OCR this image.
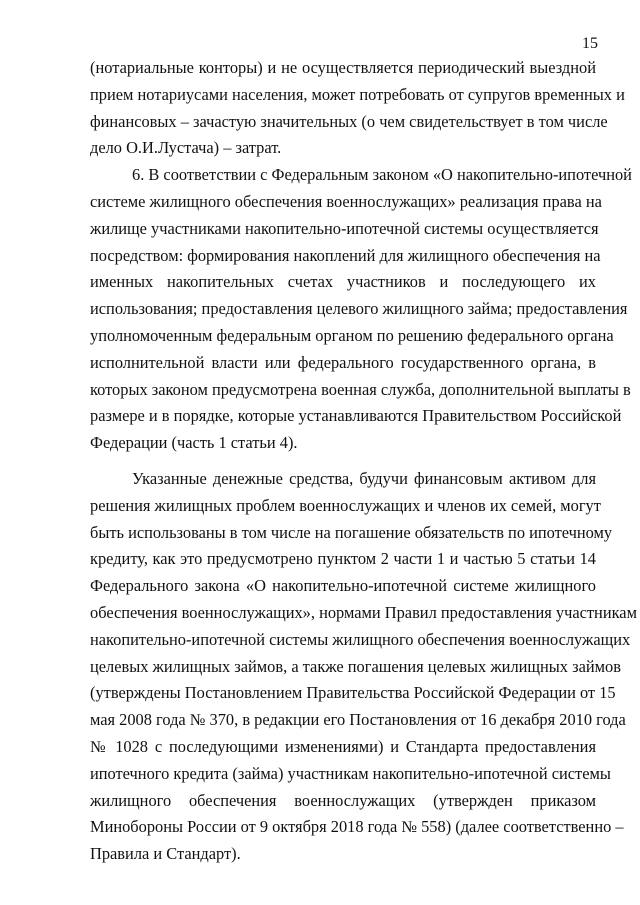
15

(нотариальные конторы) и не осуществляется периодический выездной
прием нотариусами населения, может потребовать от супругов временных и
финансовых – зачастую значительных (о чем свидетельствует в том числе
дело О.И.Лустача) – затрат.

6. В соответствии с Федеральным законом «О накопительно-ипотечной
системе жилищного обеспечения военнослужащих» реализация права на
жилище участниками накопительно-ипотечной системы осуществляется
посредством: формирования накоплений для жилищного обеспечения на
именных накопительных счетах участников и последующего их
использования; предоставления целевого жилищного займа; предоставления
уполномоченным федеральным органом по решению федерального органа
исполнительной власти или федерального государственного органа, в
которых законом предусмотрена военная служба, дополнительной выплаты в
размере и в порядке, которые устанавливаются Правительством Российской
Федерации (часть 1 статьи 4).

Указанные денежные средства, будучи финансовым активом для
решения жилищных проблем военнослужащих и членов их семей, могут
быть использованы в том числе на погашение обязательств по ипотечному
кредиту, как это предусмотрено пунктом 2 части 1 и частью 5 статьи 14
Федерального закона «О накопительно-ипотечной системе жилищного
обеспечения военнослужащих», нормами Правил предоставления участникам
накопительно-ипотечной системы жилищного обеспечения военнослужащих
целевых жилищных займов, а также погашения целевых жилищных займов
(утверждены Постановлением Правительства Российской Федерации от 15
мая 2008 года № 370, в редакции его Постановления от 16 декабря 2010 года
№ 1028 с последующими изменениями) и Стандарта предоставления
ипотечного кредита (займа) участникам накопительно-ипотечной системы
жилищного обеспечения военнослужащих (утвержден приказом
Минобороны России от 9 октября 2018 года № 558) (далее соответственно –
Правила и Стандарт).
